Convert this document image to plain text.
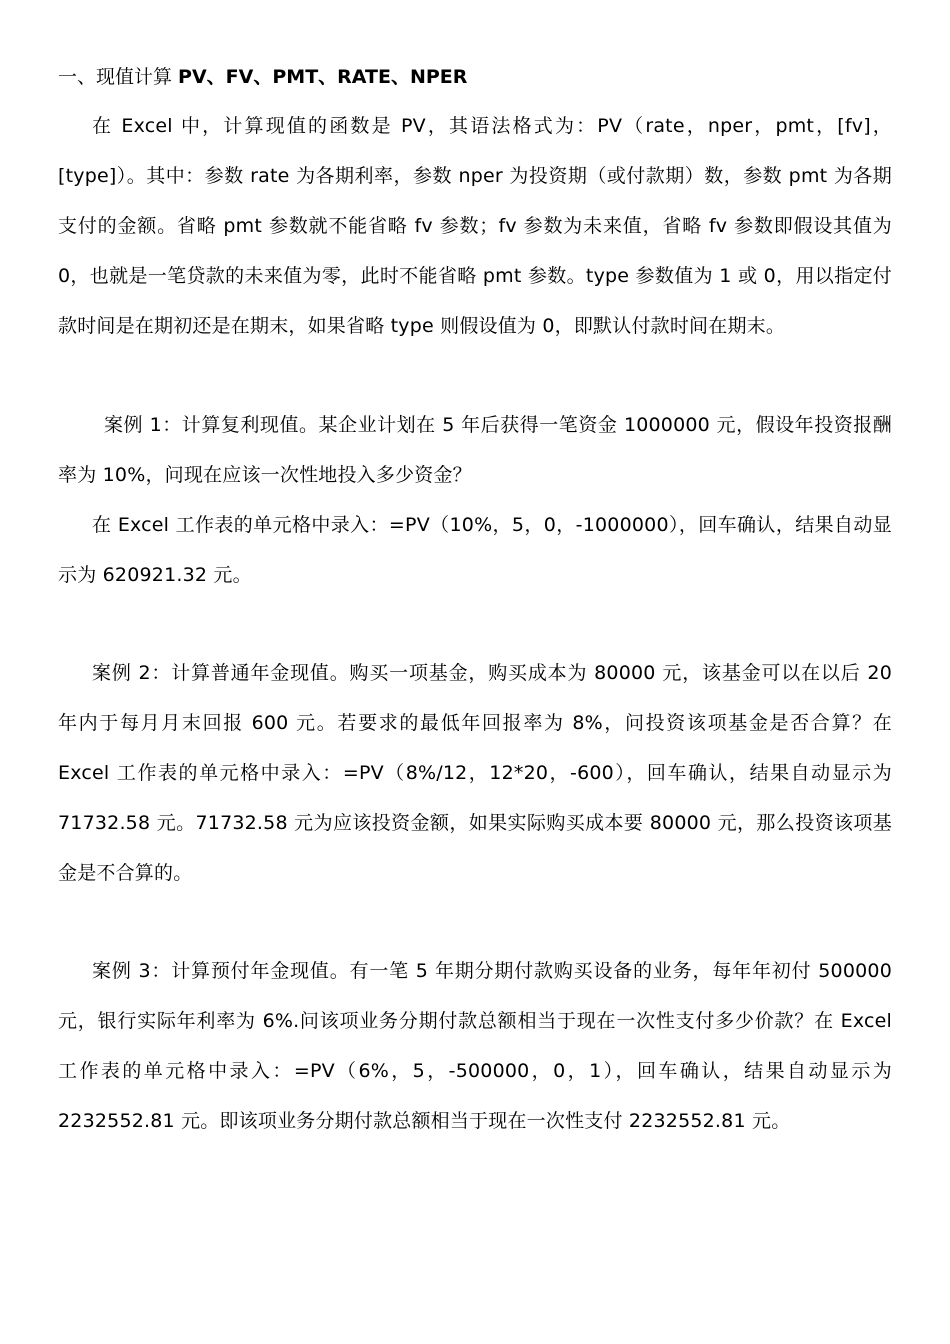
一、现值计算 PV、FV、PMT、RATE、NPER

在 Excel 中，计算现值的函数是 PV，其语法格式为：PV（rate，nper，pmt，[fv]，[type]）。其中：参数 rate 为各期利率，参数 nper 为投资期（或付款期）数，参数 pmt 为各期支付的金额。省略 pmt 参数就不能省略 fv 参数；fv 参数为未来值，省略 fv 参数即假设其值为 0，也就是一笔贷款的未来值为零，此时不能省略 pmt 参数。type 参数值为 1 或 0，用以指定付款时间是在期初还是在期末，如果省略 type 则假设值为 0，即默认付款时间在期末。

案例 1：计算复利现值。某企业计划在 5 年后获得一笔资金 1000000 元，假设年投资报酬率为 10%，问现在应该一次性地投入多少资金？

在 Excel 工作表的单元格中录入：=PV（10%，5，0，-1000000），回车确认，结果自动显示为 620921.32 元。

案例 2：计算普通年金现值。购买一项基金，购买成本为 80000 元，该基金可以在以后 20 年内于每月月末回报 600 元。若要求的最低年回报率为 8%，问投资该项基金是否合算？在 Excel 工作表的单元格中录入：=PV（8%/12，12*20，-600），回车确认，结果自动显示为 71732.58 元。71732.58 元为应该投资金额，如果实际购买成本要 80000 元，那么投资该项基金是不合算的。

案例 3：计算预付年金现值。有一笔 5 年期分期付款购买设备的业务，每年年初付 500000 元，银行实际年利率为 6%.问该项业务分期付款总额相当于现在一次性支付多少价款？在 Excel 工作表的单元格中录入：=PV（6%，5，-500000，0，1），回车确认，结果自动显示为 2232552.81 元。即该项业务分期付款总额相当于现在一次性支付 2232552.81 元。
